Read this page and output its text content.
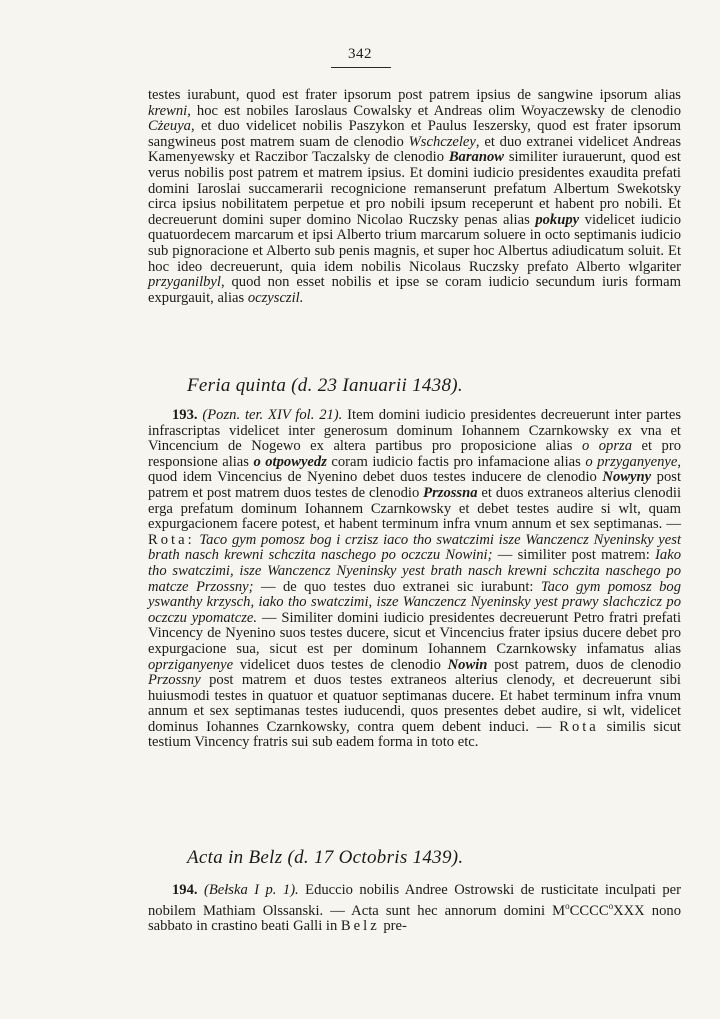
342

testes iurabunt, quod est frater ipsorum post patrem ipsius de sangwine ipsorum alias krewni, hoc est nobiles Iaroslaus Cowalsky et Andreas olim Woyaczewsky de clenodio Cżeuya, et duo videlicet nobilis Paszykon et Paulus Ieszersky, quod est frater ipsorum sangwineus post matrem suam de clenodio Wschczeley, et duo extranei videlicet Andreas Kamenyewsky et Raczibor Taczalsky de clenodio Baranow similiter iurauerunt, quod est verus nobilis post patrem et matrem ipsius. Et domini iudicio presidentes exaudita prefati domini Iaroslai succamerarii recognicione remanserunt prefatum Albertum Swekotsky circa ipsius nobilitatem perpetue et pro nobili ipsum receperunt et habent pro nobili. Et decreuerunt domini super domino Nicolao Ruczsky penas alias pokupy videlicet iudicio quatuordecem marcarum et ipsi Alberto trium marcarum soluere in octo septimanis iudicio sub pignoracione et Alberto sub penis magnis, et super hoc Albertus adiudicatum soluit. Et hoc ideo decreuerunt, quia idem nobilis Nicolaus Ruczsky prefato Alberto wlgariter przyganilbyl, quod non esset nobilis et ipse se coram iudicio secundum iuris formam expurgauit, alias oczysczil.

Feria quinta (d. 23 Ianuarii 1438).

193. (Pozn. ter. XIV fol. 21). Item domini iudicio presidentes decreuerunt inter partes infrascriptas videlicet inter generosum dominum Iohannem Czarnkowsky ex vna et Vincencium de Nogewo ex altera partibus pro proposicione alias o oprza et pro responsione alias o otpowyedz coram iudicio factis pro infamacione alias o przyganyenye, quod idem Vincencius de Nyenino debet duos testes inducere de clenodio Nowyny post patrem et post matrem duos testes de clenodio Przossna et duos extraneos alterius clenodii erga prefatum dominum Iohannem Czarnkowsky et debet testes audire si wlt, quam expurgacionem facere potest, et habent terminum infra vnum annum et sex septimanas. — Rota: Taco gym pomosz bog i crzisz iaco tho swatczimi isze Wanczencz Nyeninsky yest brath nasch krewni schczita naschego po oczczu Nowini; — similiter post matrem: Iako tho swatczimi, isze Wanczencz Nyeninsky yest brath nasch krewni schczita naschego po matcze Przossny; — de quo testes duo extranei sic iurabunt: Taco gym pomosz bog yswanthy krzysch, iako tho swatczimi, isze Wanczencz Nyeninsky yest prawy slachczicz po oczczu ypomatcze. — Similiter domini iudicio presidentes decreuerunt Petro fratri prefati Vincency de Nyenino suos testes ducere, sicut et Vincencius frater ipsius ducere debet pro expurgacione sua, sicut est per dominum Iohannem Czarnkowsky infamatus alias oprziganyenye videlicet duos testes de clenodio Nowin post patrem, duos de clenodio Przossny post matrem et duos testes extraneos alterius clenody, et decreuerunt sibi huiusmodi testes in quatuor et quatuor septimanas ducere. Et habet terminum infra vnum annum et sex septimanas testes iuducendi, quos presentes debet audire, si wlt, videlicet dominus Iohannes Czarnkowsky, contra quem debent induci. — Rota similis sicut testium Vincency fratris sui sub eadem forma in toto etc.

Acta in Belz (d. 17 Octobris 1439).

194. (Bełska I p. 1). Educcio nobilis Andree Ostrowski de rusticitate inculpati per nobilem Mathiam Olssanski. — Acta sunt hec annorum domini $M^oCCCC^oXXX$ nono sabbato in crastino beati Galli in Belz pre-
